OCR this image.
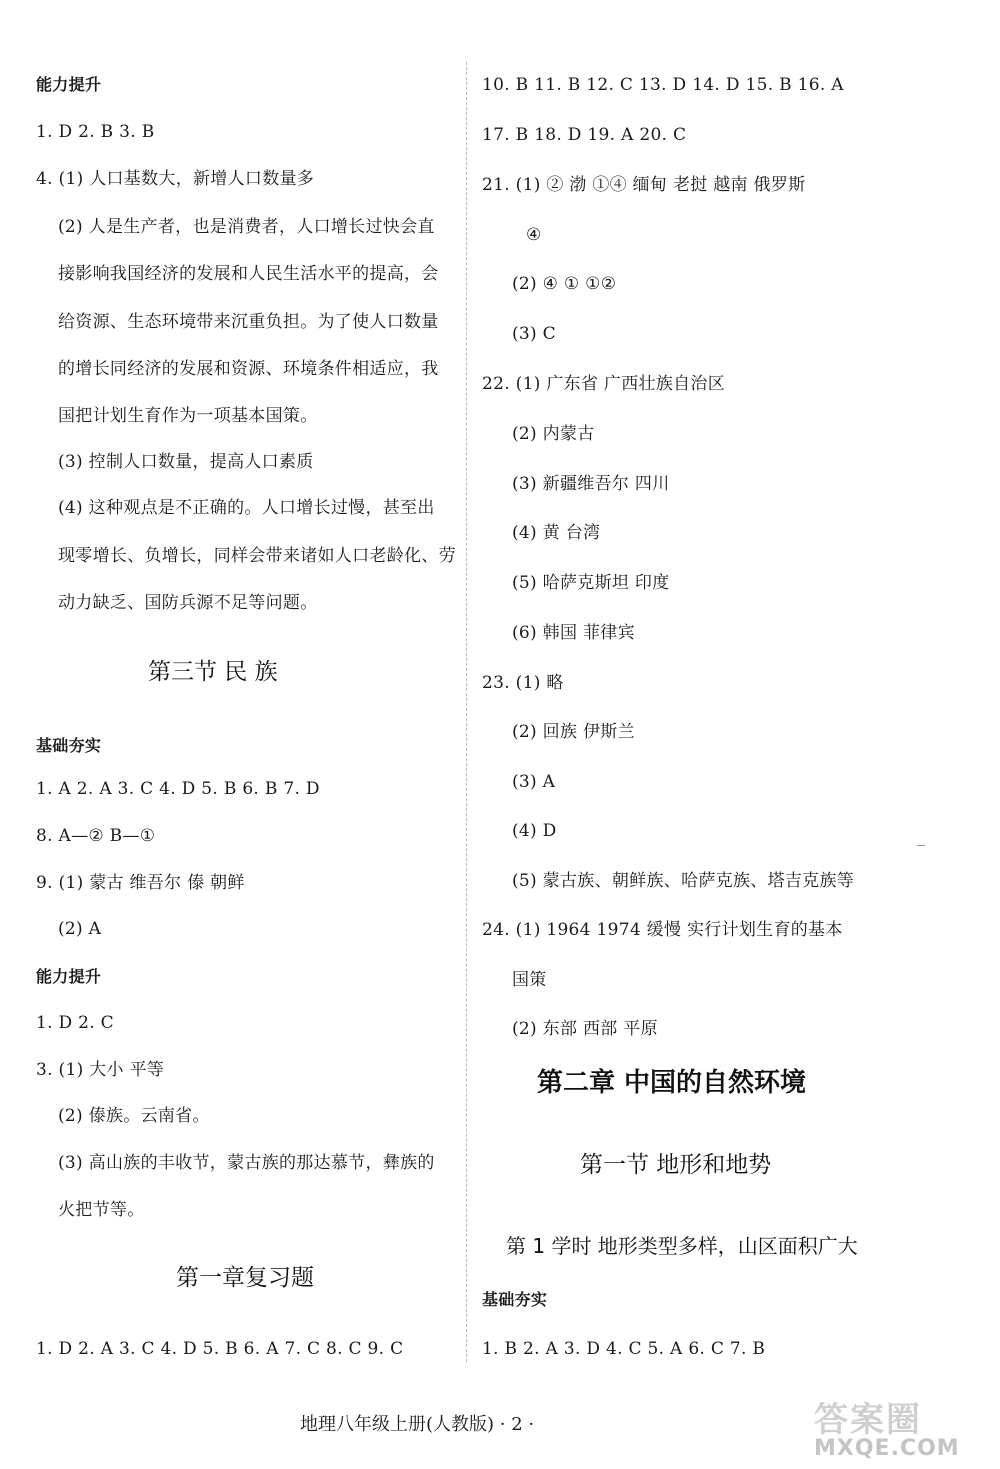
能力提升
1. D 2. B 3. B
4. (1) 人口基数大，新增人口数量多
(2) 人是生产者，也是消费者，人口增长过快会直
接影响我国经济的发展和人民生活水平的提高，会
给资源、生态环境带来沉重负担。为了使人口数量
的增长同经济的发展和资源、环境条件相适应，我
国把计划生育作为一项基本国策。
(3) 控制人口数量，提高人口素质
(4) 这种观点是不正确的。人口增长过慢，甚至出
现零增长、负增长，同样会带来诸如人口老龄化、劳
动力缺乏、国防兵源不足等问题。
第三节 民 族
基础夯实
1. A 2. A 3. C 4. D 5. B 6. B 7. D
8. A—② B—①
9. (1) 蒙古 维吾尔 傣 朝鲜
(2) A
能力提升
1. D 2. C
3. (1) 大小 平等
(2) 傣族。云南省。
(3) 高山族的丰收节，蒙古族的那达慕节，彝族的
火把节等。
第一章复习题
1. D 2. A 3. C 4. D 5. B 6. A 7. C 8. C 9. C
10. B 11. B 12. C 13. D 14. D 15. B 16. A
17. B 18. D 19. A 20. C
21. (1) ② 渤 ①④ 缅甸 老挝 越南 俄罗斯
④
(2) ④ ① ①②
(3) C
22. (1) 广东省 广西壮族自治区
(2) 内蒙古
(3) 新疆维吾尔 四川
(4) 黄 台湾
(5) 哈萨克斯坦 印度
(6) 韩国 菲律宾
23. (1) 略
(2) 回族 伊斯兰
(3) A
(4) D
(5) 蒙古族、朝鲜族、哈萨克族、塔吉克族等
24. (1) 1964 1974 缓慢 实行计划生育的基本
国策
(2) 东部 西部 平原
第二章 中国的自然环境
第一节 地形和地势
第 1 学时 地形类型多样，山区面积广大
基础夯实
1. B 2. A 3. D 4. C 5. A 6. C 7. B
地理八年级上册(人教版) · 2 ·	答案圈
MXQE.COM
